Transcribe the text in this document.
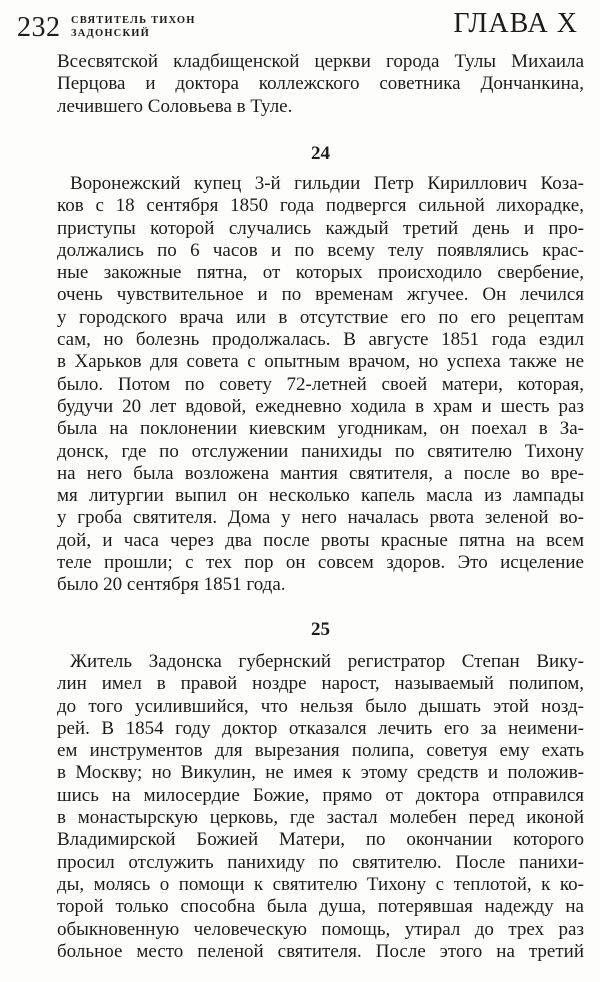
232 СВЯТИТЕЛЬ ТИХОН
ЗАДОНСКИЙ	ГЛАВА X
Всесвятской кладбищенской церкви города Тулы Михаила
Перцова и доктора коллежского советника Дончанкина,
лечившего Соловьева в Туле.
24
Воронежский купец 3-й гильдии Петр Кириллович Коза-
ков с 18 сентября 1850 года подвергся сильной лихорадке,
приступы которой случались каждый третий день и про-
должались по 6 часов и по всему телу появлялись крас-
ные закожные пятна, от которых происходило свербение,
очень чувствительное и по временам жгучее. Он лечился
у городского врача или в отсутствие его по его рецептам
сам, но болезнь продолжалась. В августе 1851 года ездил
в Харьков для совета с опытным врачом, но успеха также не
было. Потом по совету 72-летней своей матери, которая,
будучи 20 лет вдовой, ежедневно ходила в храм и шесть раз
была на поклонении киевским угодникам, он поехал в За-
донск, где по отслужении панихиды по святителю Тихону
на него была возложена мантия святителя, а после во вре-
мя литургии выпил он несколько капель масла из лампады
у гроба святителя. Дома у него началась рвота зеленой во-
дой, и часа через два после рвоты красные пятна на всем
теле прошли; с тех пор он совсем здоров. Это исцеление
было 20 сентября 1851 года.
25
Житель Задонска губернский регистратор Степан Вику-
лин имел в правой ноздре нарост, называемый полипом,
до того усилившийся, что нельзя было дышать этой нозд-
рей. В 1854 году доктор отказался лечить его за неимени-
ем инструментов для вырезания полипа, советуя ему ехать
в Москву; но Викулин, не имея к этому средств и положив-
шись на милосердие Божие, прямо от доктора отправился
в монастырскую церковь, где застал молебен перед иконой
Владимирской Божией Матери, по окончании которого
просил отслужить панихиду по святителю. После панихи-
ды, молясь о помощи к святителю Тихону с теплотой, к ко-
торой только способна была душа, потерявшая надежду на
обыкновенную человеческую помощь, утирал до трех раз
больное место пеленой святителя. После этого на третий
